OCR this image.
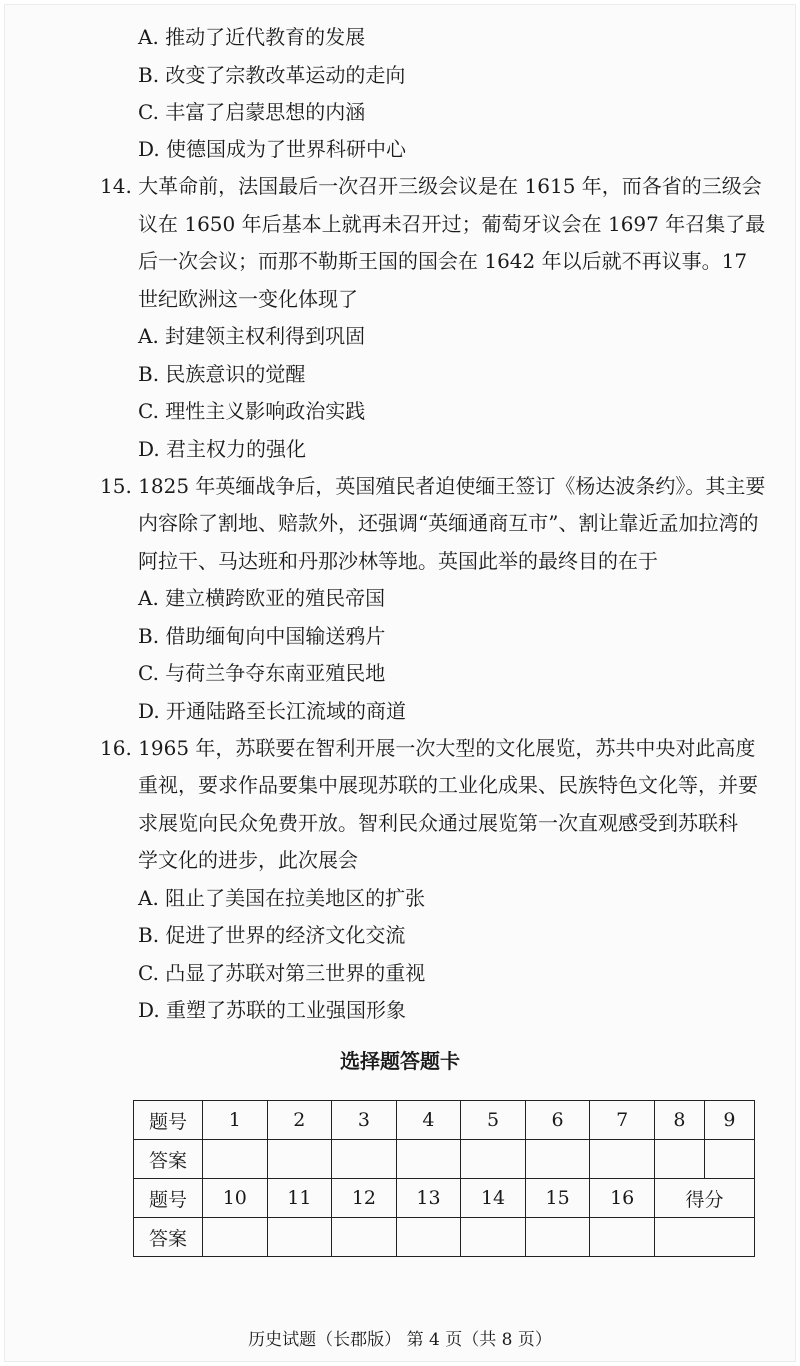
A. 推动了近代教育的发展
B. 改变了宗教改革运动的走向
C. 丰富了启蒙思想的内涵
D. 使德国成为了世界科研中心
14. 大革命前，法国最后一次召开三级会议是在 1615 年，而各省的三级会
议在 1650 年后基本上就再未召开过；葡萄牙议会在 1697 年召集了最
后一次会议；而那不勒斯王国的国会在 1642 年以后就不再议事。17
世纪欧洲这一变化体现了
A. 封建领主权利得到巩固
B. 民族意识的觉醒
C. 理性主义影响政治实践
D. 君主权力的强化
15. 1825 年英缅战争后，英国殖民者迫使缅王签订《杨达波条约》。其主要
内容除了割地、赔款外，还强调“英缅通商互市”、割让靠近孟加拉湾的
阿拉干、马达班和丹那沙林等地。英国此举的最终目的在于
A. 建立横跨欧亚的殖民帝国
B. 借助缅甸向中国输送鸦片
C. 与荷兰争夺东南亚殖民地
D. 开通陆路至长江流域的商道
16. 1965 年，苏联要在智利开展一次大型的文化展览，苏共中央对此高度
重视，要求作品要集中展现苏联的工业化成果、民族特色文化等，并要
求展览向民众免费开放。智利民众通过展览第一次直观感受到苏联科
学文化的进步，此次展会
A. 阻止了美国在拉美地区的扩张
B. 促进了世界的经济文化交流
C. 凸显了苏联对第三世界的重视
D. 重塑了苏联的工业强国形象
选择题答题卡
题号	1	2	3	4	5	6	7	8	9
答案									
题号	10	11	12	13	14	15	16	得分	
答案									
历史试题（长郡版） 第 4 页（共 8 页）
